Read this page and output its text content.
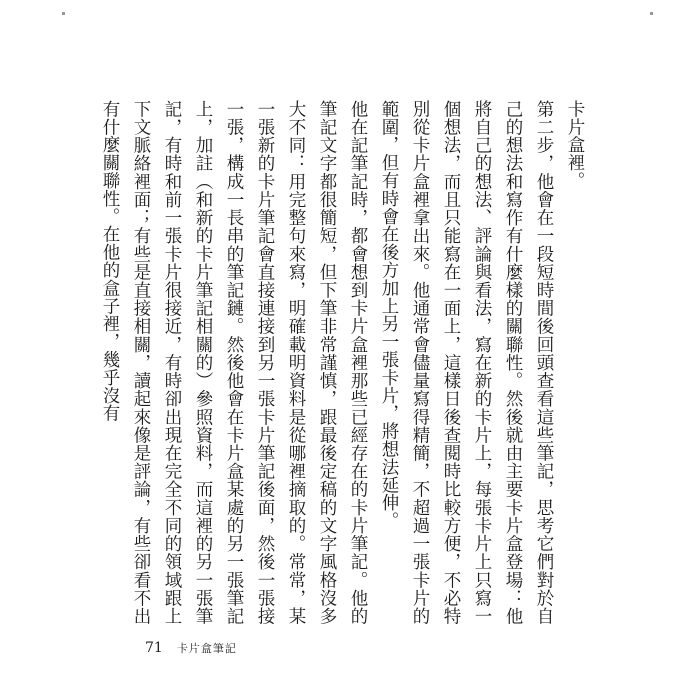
卡片盒裡。

第二步，他會在一段短時間後回頭查看這些筆記，思考它們對於自己的想法和寫作有什麼樣的關聯性。然後就由主要卡片盒登場：他將自己的想法、評論與看法，寫在新的卡片上，每張卡片上只寫一個想法，而且只能寫在一面上，這樣日後查閱時比較方便，不必特別從卡片盒裡拿出來。他通常會儘量寫得精簡，不超過一張卡片的範圍，但有時會在後方加上另一張卡片，將想法延伸。

他在記筆記時，都會想到卡片盒裡那些已經存在的卡片筆記。他的筆記文字都很簡短，但下筆非常謹慎，跟最後定稿的文字風格沒多大不同：用完整句來寫，明確載明資料是從哪裡摘取的。常常，某一張新的卡片筆記會直接連接到另一張卡片筆記後面，然後一張接一張，構成一長串的筆記鏈。然後他會在卡片盒某處的另一張筆記上，加註（和新的卡片筆記相關的）參照資料，而這裡的另一張筆記，有時和前一張卡片很接近，有時卻出現在完全不同的領域跟上下文脈絡裡面；有些是直接相關，讀起來像是評論，有些卻看不出有什麼關聯性。在他的盒子裡，幾乎沒有

71 卡片盒筆記
